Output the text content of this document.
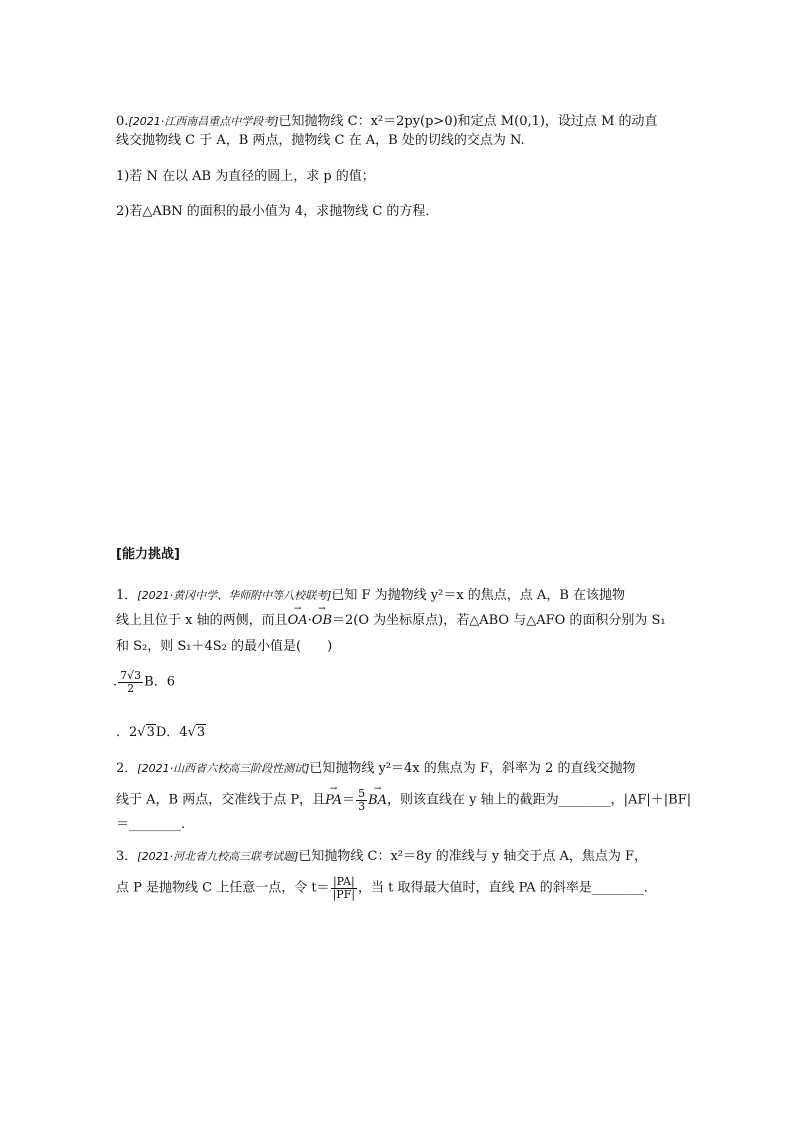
0.[2021·江西南昌重点中学段考]已知抛物线 C：x²＝2py(p>0)和定点 M(0,1)，设过点 M 的动直
线交抛物线 C 于 A，B 两点，抛物线 C 在 A，B 处的切线的交点为 N.
1)若 N 在以 AB 为直径的圆上，求 p 的值；
2)若△ABN 的面积的最小值为 4，求抛物线 C 的方程．
[能力挑战]
1．[2021·黄冈中学、华师附中等八校联考]已知 F 为抛物线 y²＝x 的焦点，点 A，B 在该抛物
线上且位于 x 轴的两侧，而且→ OA·→ OB＝2(O 为坐标原点)，若△ABO 与△AFO 的面积分别为 S₁
和 S₂，则 S₁＋4S₂ 的最小值是(　　)
. $\frac{7√3}{2}$ B．6
．2√3D．4√3
2．[2021·山西省六校高三阶段性测试]已知抛物线 y²＝4x 的焦点为 F，斜率为 2 的直线交抛物
线于 A，B 两点，交准线于点 P，且→ $PA= \frac{5}{3}$
→ BA，则该直线在 y 轴上的截距为________，|AF|＋|BF|
＝________.
3．[2021·河北省九校高三联考试题]已知抛物线 C：x²＝8y 的准线与 y 轴交于点 A，焦点为 F，
点 P 是抛物线 C 上任意一点，令 $t= \frac{|PA|}{|PF|}$ ，当 t 取得最大值时，直线 PA 的斜率是________．
